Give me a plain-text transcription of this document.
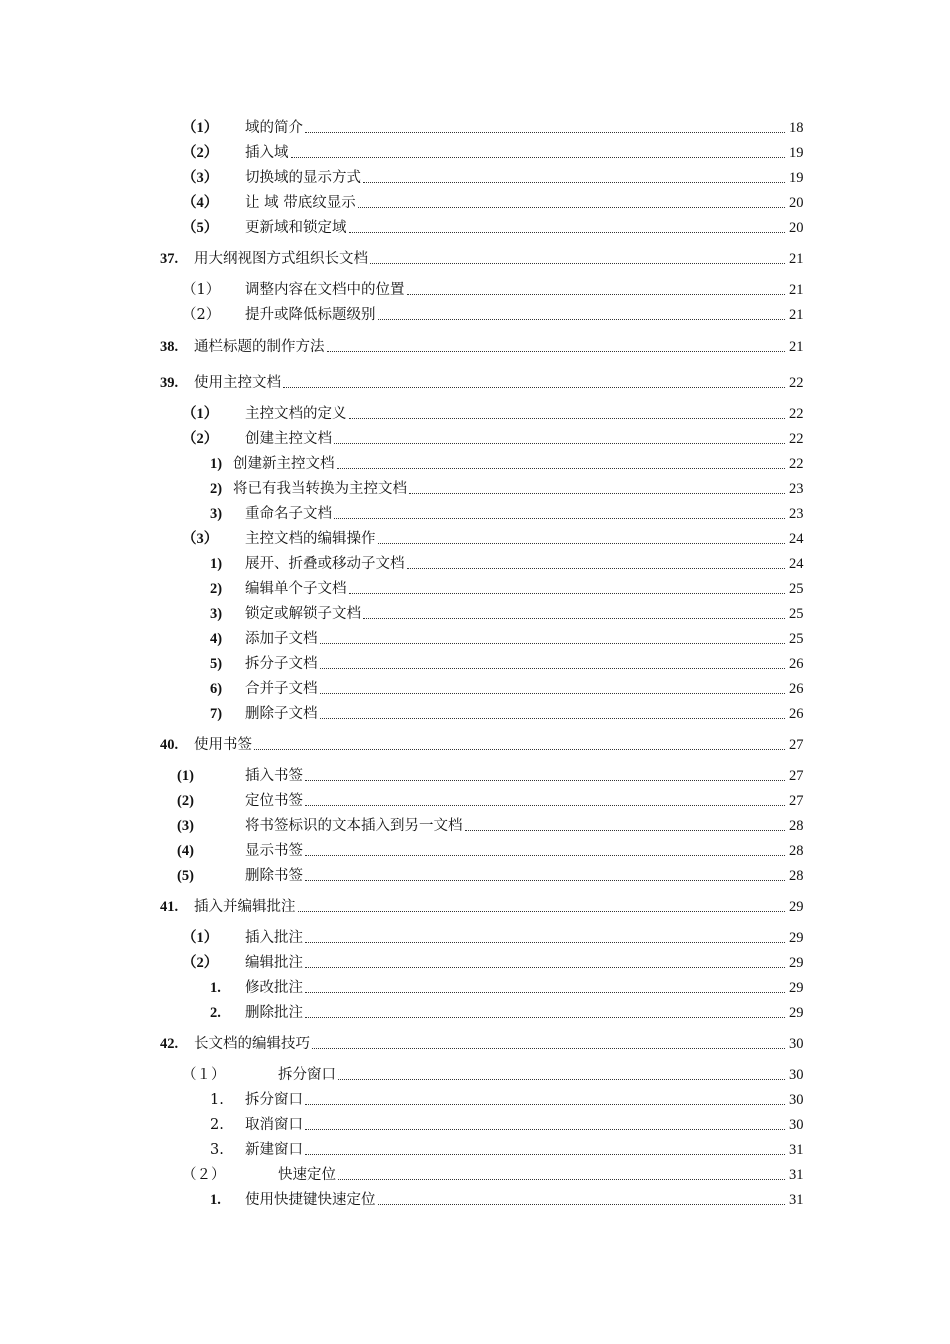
（1） 域的简介	18
（2） 插入域	19
（3） 切换域的显示方式	19
（4） 让 域 带底纹显示	20
（5） 更新域和锁定域	20
37. 用大纲视图方式组织长文档	21
（1） 调整内容在文档中的位置	21
（2） 提升或降低标题级别	21
38. 通栏标题的制作方法	21
39. 使用主控文档	22
（1） 主控文档的定义	22
（2） 创建主控文档	22
1) 创建新主控文档	22
2) 将已有我当转换为主控文档	23
3) 重命名子文档	23
（3） 主控文档的编辑操作	24
1) 展开、折叠或移动子文档	24
2) 编辑单个子文档	25
3) 锁定或解锁子文档	25
4) 添加子文档	25
5) 拆分子文档	26
6) 合并子文档	26
7) 删除子文档	26
40. 使用书签	27
(1)	插入书签	27
(2)	定位书签	27
(3)	将书签标识的文本插入到另一文档	28
(4)	显示书签	28
(5)	删除书签	28
41. 插入并编辑批注	29
（1） 插入批注	29
（2） 编辑批注	29
1. 修改批注	29
2. 删除批注	29
42. 长文档的编辑技巧	30
（１）	拆分窗口	30
1. 拆分窗口	30
2. 取消窗口	30
3. 新建窗口	31
（２）	快速定位	31
1. 使用快捷键快速定位	31
